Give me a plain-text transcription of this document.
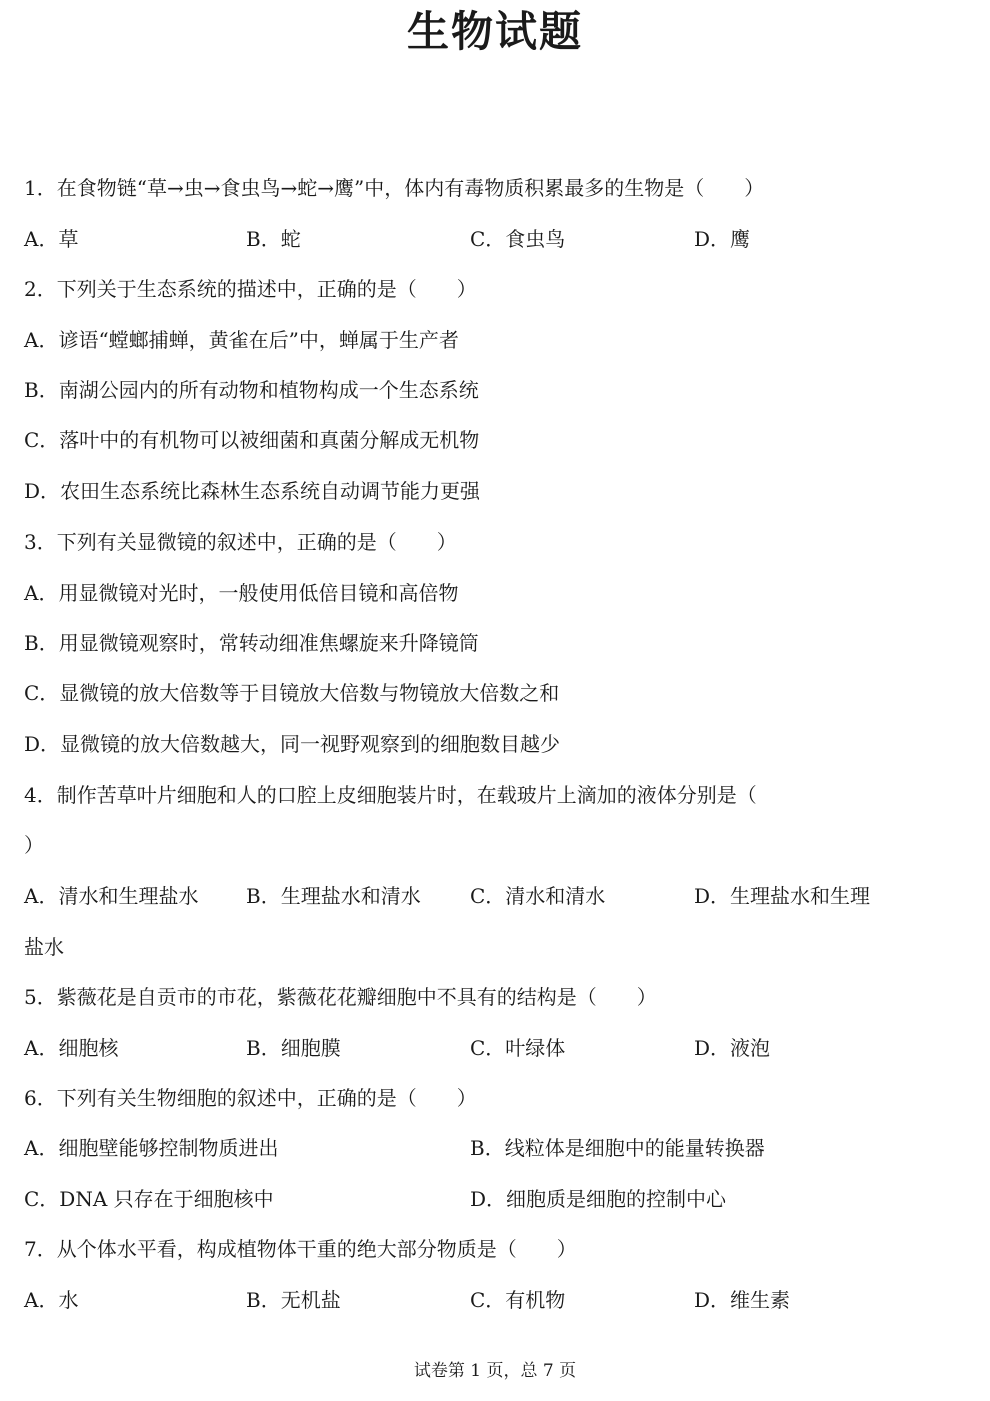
生物试题
1．在食物链“草→虫→食虫鸟→蛇→鹰”中，体内有毒物质积累最多的生物是（　　）
A．草	B．蛇	C．食虫鸟	D．鹰
2．下列关于生态系统的描述中，正确的是（　　）
A．谚语“螳螂捕蝉，黄雀在后”中，蝉属于生产者
B．南湖公园内的所有动物和植物构成一个生态系统
C．落叶中的有机物可以被细菌和真菌分解成无机物
D．农田生态系统比森林生态系统自动调节能力更强
3．下列有关显微镜的叙述中，正确的是（　　）
A．用显微镜对光时，一般使用低倍目镜和高倍物
B．用显微镜观察时，常转动细准焦螺旋来升降镜筒
C．显微镜的放大倍数等于目镜放大倍数与物镜放大倍数之和
D．显微镜的放大倍数越大，同一视野观察到的细胞数目越少
4．制作苦草叶片细胞和人的口腔上皮细胞装片时，在载玻片上滴加的液体分别是（
）
A．清水和生理盐水 B．生理盐水和清水 C．清水和清水	D．生理盐水和生理
盐水
5．紫薇花是自贡市的市花，紫薇花花瓣细胞中不具有的结构是（　　）
A．细胞核	B．细胞膜	C．叶绿体	D．液泡
6．下列有关生物细胞的叙述中，正确的是（　　）
A．细胞壁能够控制物质进出	B．线粒体是细胞中的能量转换器
C．DNA 只存在于细胞核中	D．细胞质是细胞的控制中心
7．从个体水平看，构成植物体干重的绝大部分物质是（　　）
A．水	B．无机盐	C．有机物	D．维生素
试卷第 1 页，总 7 页
